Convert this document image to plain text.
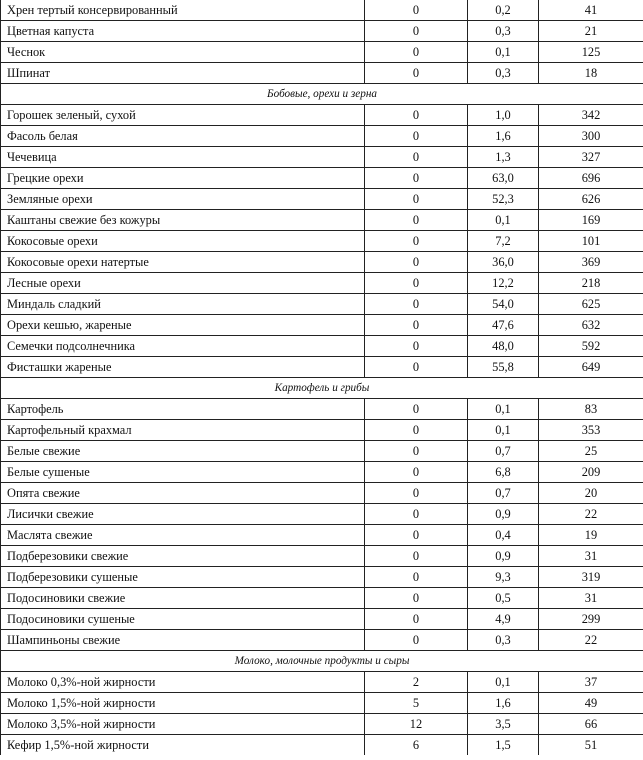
Хрен тертый консервированный	0	0,2	41
Цветная капуста	0	0,3	21
Чеснок	0	0,1	125
Шпинат	0	0,3	18
Бобовые, орехи и зерна			
Горошек зеленый, сухой	0	1,0	342
Фасоль белая	0	1,6	300
Чечевица	0	1,3	327
Грецкие орехи	0	63,0	696
Земляные орехи	0	52,3	626
Каштаны свежие без кожуры	0	0,1	169
Кокосовые орехи	0	7,2	101
Кокосовые орехи натертые	0	36,0	369
Лесные орехи	0	12,2	218
Миндаль сладкий	0	54,0	625
Орехи кешью, жареные	0	47,6	632
Семечки подсолнечника	0	48,0	592
Фисташки жареные	0	55,8	649
Картофель и грибы			
Картофель	0	0,1	83
Картофельный крахмал	0	0,1	353
Белые свежие	0	0,7	25
Белые сушеные	0	6,8	209
Опята свежие	0	0,7	20
Лисички свежие	0	0,9	22
Маслята свежие	0	0,4	19
Подберезовики свежие	0	0,9	31
Подберезовики сушеные	0	9,3	319
Подосиновики свежие	0	0,5	31
Подосиновики сушеные	0	4,9	299
Шампиньоны свежие	0	0,3	22
Молоко, молочные продукты и сыры			
Молоко 0,3%-ной жирности	2	0,1	37
Молоко 1,5%-ной жирности	5	1,6	49
Молоко 3,5%-ной жирности	12	3,5	66
Кефир 1,5%-ной жирности	6	1,5	51
